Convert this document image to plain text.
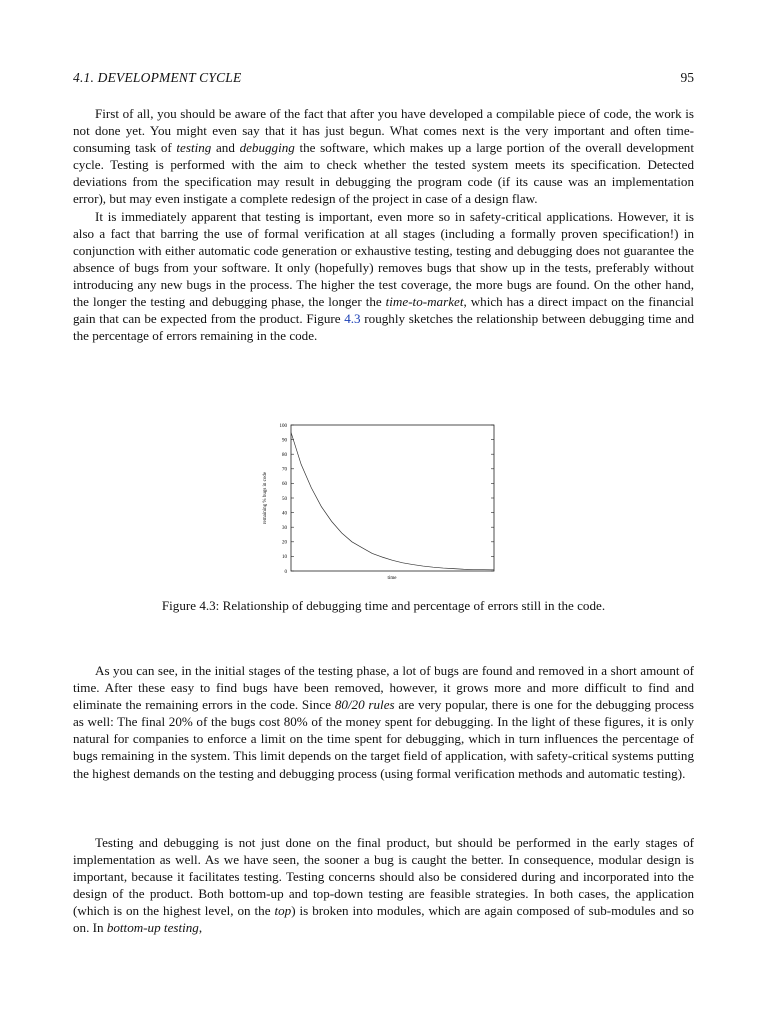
4.1. DEVELOPMENT CYCLE	95

First of all, you should be aware of the fact that after you have developed a compilable piece of code, the work is not done yet. You might even say that it has just begun. What comes next is the very important and often time-consuming task of testing and debugging the software, which makes up a large portion of the overall development cycle. Testing is performed with the aim to check whether the tested system meets its specification. Detected deviations from the specification may result in debugging the program code (if its cause was an implementation error), but may even instigate a complete redesign of the project in case of a design flaw.

It is immediately apparent that testing is important, even more so in safety-critical applications. However, it is also a fact that barring the use of formal verification at all stages (including a formally proven specification!) in conjunction with either automatic code generation or exhaustive testing, testing and debugging does not guarantee the absence of bugs from your software. It only (hopefully) removes bugs that show up in the tests, preferably without introducing any new bugs in the process. The higher the test coverage, the more bugs are found. On the other hand, the longer the testing and debugging phase, the longer the time-to-market, which has a direct impact on the financial gain that can be expected from the product. Figure 4.3 roughly sketches the relationship between debugging time and the percentage of errors remaining in the code.

0
10
20
30
40
50
60
70
80
90
100
remaining % bugs in code
time
Figure 4.3: Relationship of debugging time and percentage of errors still in the code.

As you can see, in the initial stages of the testing phase, a lot of bugs are found and removed in a short amount of time. After these easy to find bugs have been removed, however, it grows more and more difficult to find and eliminate the remaining errors in the code. Since 80/20 rules are very popular, there is one for the debugging process as well: The final 20% of the bugs cost 80% of the money spent for debugging. In the light of these figures, it is only natural for companies to enforce a limit on the time spent for debugging, which in turn influences the percentage of bugs remaining in the system. This limit depends on the target field of application, with safety-critical systems putting the highest demands on the testing and debugging process (using formal verification methods and automatic testing).

Testing and debugging is not just done on the final product, but should be performed in the early stages of implementation as well. As we have seen, the sooner a bug is caught the better. In consequence, modular design is important, because it facilitates testing. Testing concerns should also be considered during and incorporated into the design of the product. Both bottom-up and top-down testing are feasible strategies. In both cases, the application (which is on the highest level, on the top) is broken into modules, which are again composed of sub-modules and so on. In bottom-up testing,
